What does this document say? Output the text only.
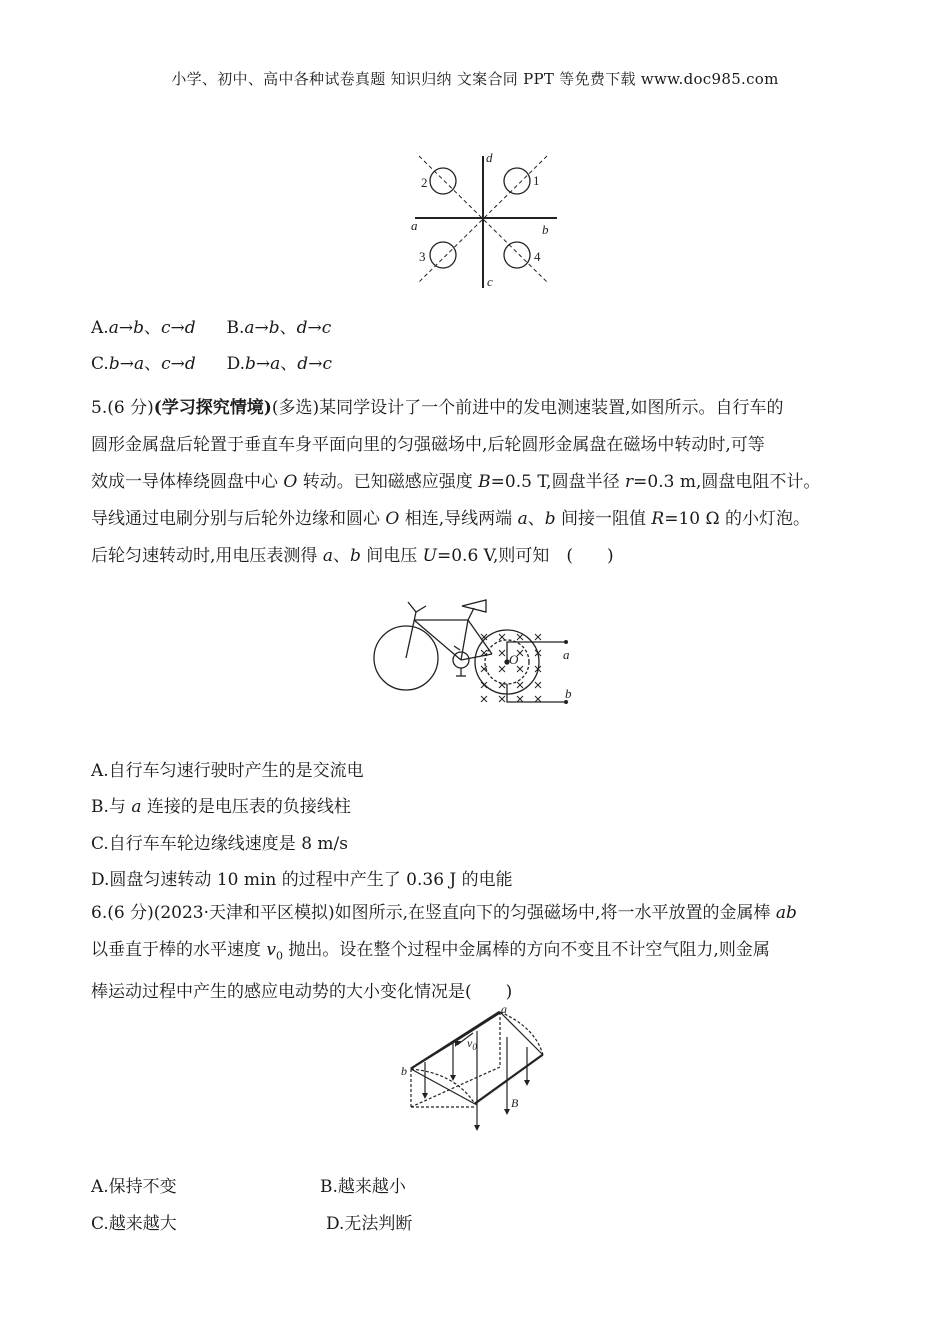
小学、初中、高中各种试卷真题 知识归纳 文案合同 PPT 等免费下载 www.doc985.com
d
c
a	b
1
2
3	4
A.a→b、c→d B.a→b、d→c
C.b→a、c→d D.b→a、d→c
5.(6 分)(学习探究情境)(多选)某同学设计了一个前进中的发电测速装置,如图所示。自行车的
圆形金属盘后轮置于垂直车身平面向里的匀强磁场中,后轮圆形金属盘在磁场中转动时,可等
效成一导体棒绕圆盘中心 O 转动。已知磁感应强度 B=0.5 T,圆盘半径 r=0.3 m,圆盘电阻不计。
导线通过电刷分别与后轮外边缘和圆心 O 相连,导线两端 a、b 间接一阻值 R=10 Ω 的小灯泡。
后轮匀速转动时,用电压表测得 a、b 间电压 U=0.6 V,则可知　(　　)
O	a
b
A.自行车匀速行驶时产生的是交流电
B.与 a 连接的是电压表的负接线柱
C.自行车车轮边缘线速度是 8 m/s
D.圆盘匀速转动 10 min 的过程中产生了 0.36 J 的电能
6.(6 分)(2023·天津和平区模拟)如图所示,在竖直向下的匀强磁场中,将一水平放置的金属棒 ab
以垂直于棒的水平速度 $v_0$ 抛出。设在整个过程中金属棒的方向不变且不计空气阻力,则金属
棒运动过程中产生的感应电动势的大小变化情况是(　　)
a
b
$v_0$
B
A.保持不变	B.越来越小
C.越来越大	D.无法判断
